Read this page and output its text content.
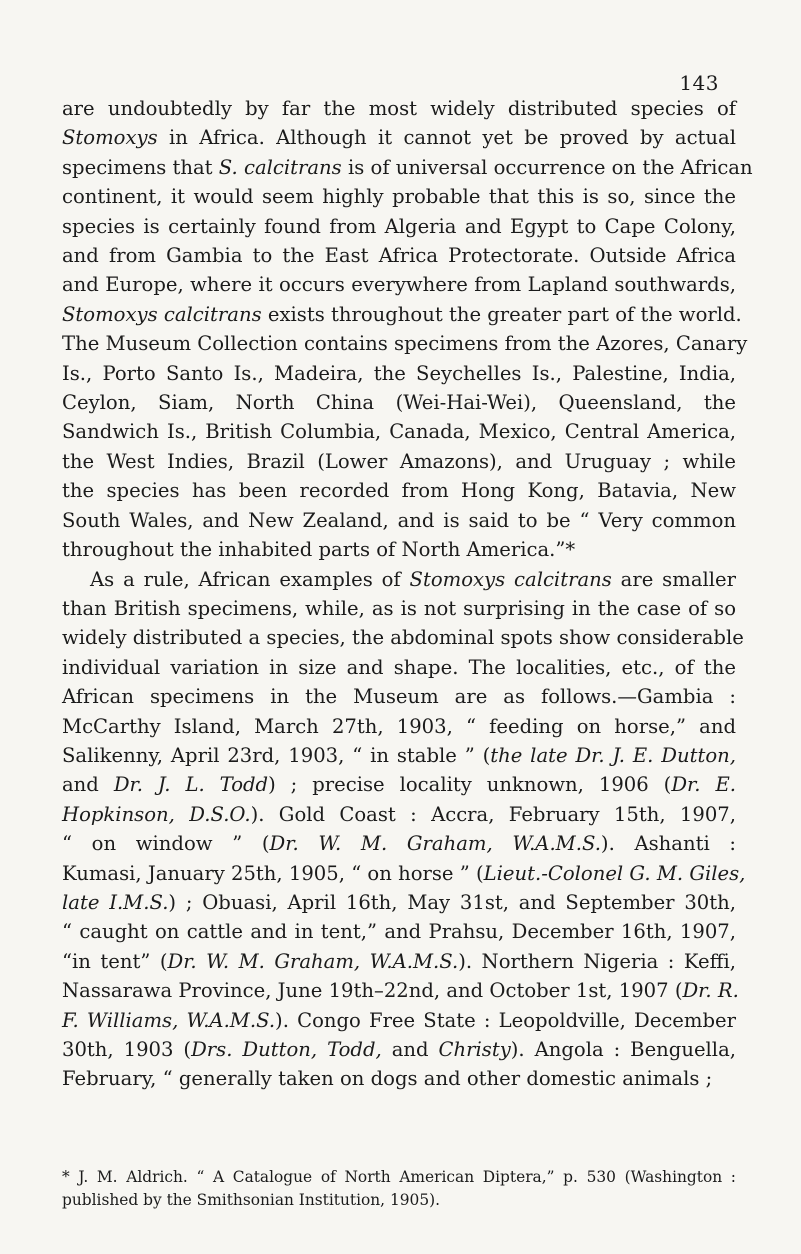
143
are undoubtedly by far the most widely distributed species of
Stomoxys in Africa. Although it cannot yet be proved by actual
specimens that S. calcitrans is of universal occurrence on the African
continent, it would seem highly probable that this is so, since the
species is certainly found from Algeria and Egypt to Cape Colony,
and from Gambia to the East Africa Protectorate. Outside Africa
and Europe, where it occurs everywhere from Lapland southwards,
Stomoxys calcitrans exists throughout the greater part of the world.
The Museum Collection contains specimens from the Azores, Canary
Is., Porto Santo Is., Madeira, the Seychelles Is., Palestine, India,
Ceylon, Siam, North China (Wei-Hai-Wei), Queensland, the
Sandwich Is., British Columbia, Canada, Mexico, Central America,
the West Indies, Brazil (Lower Amazons), and Uruguay ; while
the species has been recorded from Hong Kong, Batavia, New
South Wales, and New Zealand, and is said to be “ Very common
throughout the inhabited parts of North America.”*
As a rule, African examples of Stomoxys calcitrans are smaller
than British specimens, while, as is not surprising in the case of so
widely distributed a species, the abdominal spots show considerable
individual variation in size and shape. The localities, etc., of the
African specimens in the Museum are as follows.—Gambia :
McCarthy Island, March 27th, 1903, “ feeding on horse,” and
Salikenny, April 23rd, 1903, “ in stable ” (the late Dr. J. E. Dutton,
and Dr. J. L. Todd) ; precise locality unknown, 1906 (Dr. E.
Hopkinson, D.S.O.). Gold Coast : Accra, February 15th, 1907,
“ on window ” (Dr. W. M. Graham, W.A.M.S.). Ashanti :
Kumasi, January 25th, 1905, “ on horse ” (Lieut.-Colonel G. M. Giles,
late I.M.S.) ; Obuasi, April 16th, May 31st, and September 30th,
“ caught on cattle and in tent,” and Prahsu, December 16th, 1907,
“in tent” (Dr. W. M. Graham, W.A.M.S.). Northern Nigeria : Keffi,
Nassarawa Province, June 19th–22nd, and October 1st, 1907 (Dr. R.
F. Williams, W.A.M.S.). Congo Free State : Leopoldville, December
30th, 1903 (Drs. Dutton, Todd, and Christy). Angola : Benguella,
February, “ generally taken on dogs and other domestic animals ;
* J. M. Aldrich. “ A Catalogue of North American Diptera,” p. 530 (Washington :
published by the Smithsonian Institution, 1905).
